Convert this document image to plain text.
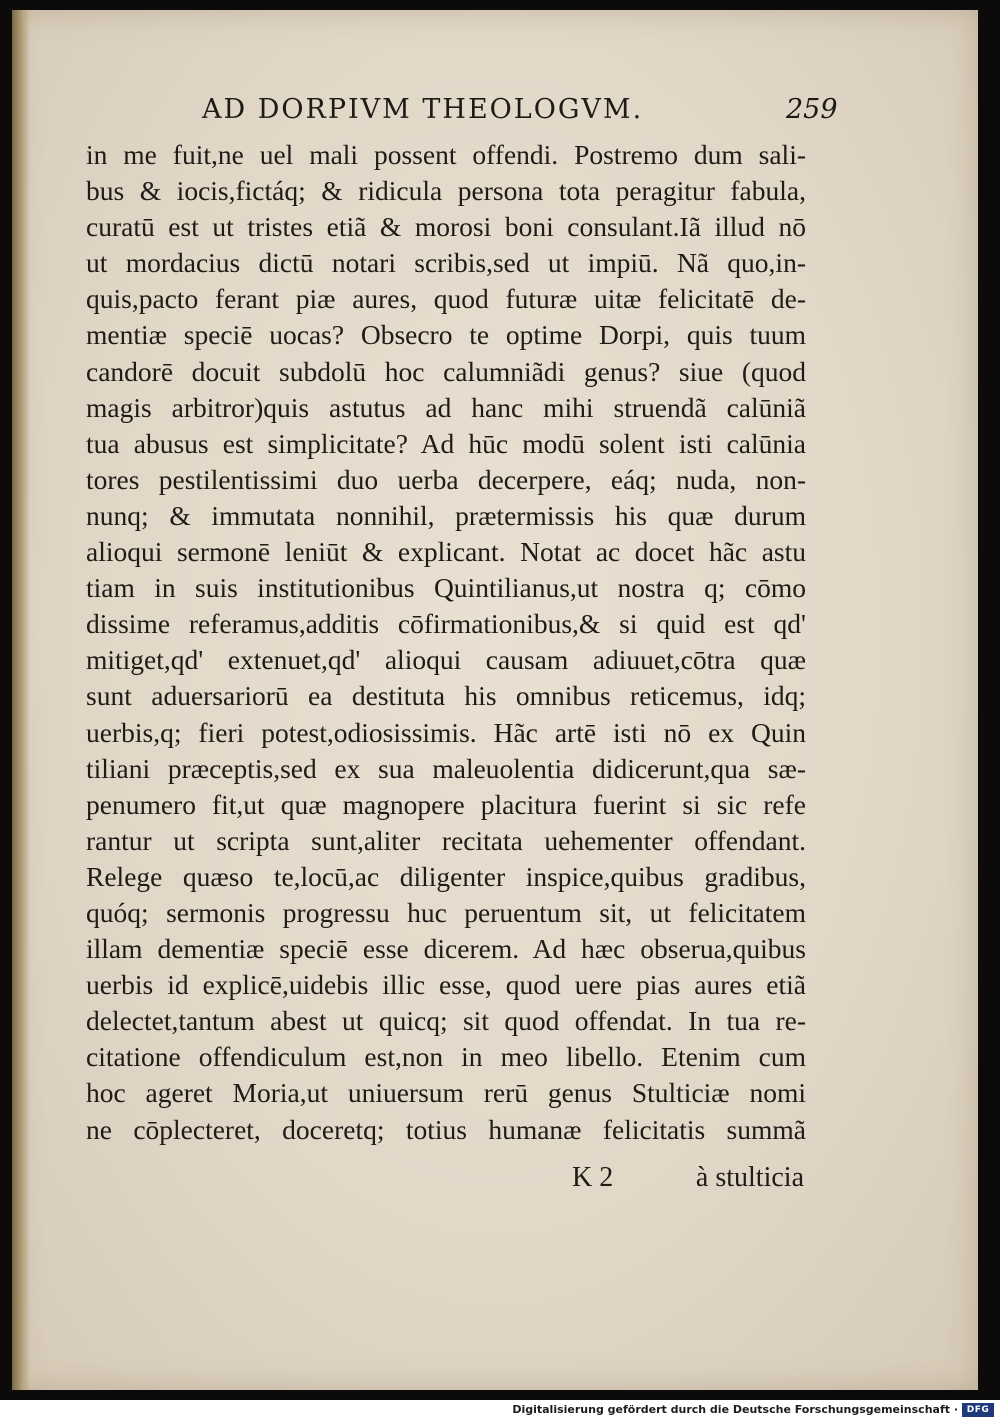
AD DORPIVM THEOLOGVM.	259
in me fuit,ne uel mali possent offendi. Postremo dum sali-
bus & iocis,fictáq; & ridicula persona tota peragitur fabula,
curatū est ut tristes etiã & morosi boni consulant.Iã illud nō
ut mordacius dictū notari scribis,sed ut impiū. Nã quo,in-
quis,pacto ferant piæ aures, quod futuræ uitæ felicitatē de-
mentiæ speciē uocas? Obsecro te optime Dorpi, quis tuum
candorē docuit subdolū hoc calumniãdi genus? siue (quod
magis arbitror)quis astutus ad hanc mihi struendã calūniã
tua abusus est simplicitate? Ad hūc modū solent isti calūnia
tores pestilentissimi duo uerba decerpere, eáq; nuda, non-
nunq; & immutata nonnihil, prætermissis his quæ durum
alioqui sermonē leniūt & explicant. Notat ac docet hãc astu
tiam in suis institutionibus Quintilianus,ut nostra q; cōmo
dissime referamus,additis cōfirmationibus,& si quid est qd'
mitiget,qd' extenuet,qd' alioqui causam adiuuet,cōtra quæ
sunt aduersariorū ea destituta his omnibus reticemus, idq;
uerbis,q; fieri potest,odiosissimis. Hãc artē isti nō ex Quin
tiliani præceptis,sed ex sua maleuolentia didicerunt,qua sæ-
penumero fit,ut quæ magnopere placitura fuerint si sic refe
rantur ut scripta sunt,aliter recitata uehementer offendant.
Relege quæso te,locū,ac diligenter inspice,quibus gradibus,
quóq; sermonis progressu huc peruentum sit, ut felicitatem
illam dementiæ speciē esse dicerem. Ad hæc obserua,quibus
uerbis id explicē,uidebis illic esse, quod uere pias aures etiã
delectet,tantum abest ut quicq; sit quod offendat. In tua re-
citatione offendiculum est,non in meo libello. Etenim cum
hoc ageret Moria,ut uniuersum rerū genus Stulticiæ nomi
ne cōplecteret, doceretq; totius humanæ felicitatis summã
K 2	à stulticia
Digitalisierung gefördert durch die Deutsche Forschungsgemeinschaft · DFG
